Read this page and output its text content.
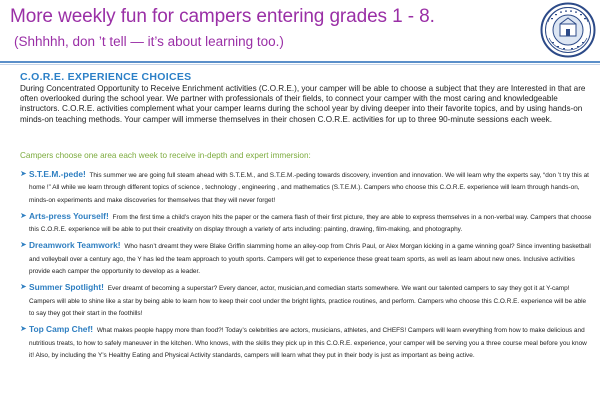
More weekly fun for campers entering grades 1 - 8.
(Shhhhh, don ’t tell — it’s about learning too.)
C.O.R.E. EXPERIENCE CHOICES
During Concentrated Opportunity to Receive Enrichment activities (C.O.R.E.), your camper will be able to choose a subject that they are Interested in that are often overlooked during the school year. We partner with professionals of their fields, to connect your camper with the most caring and knowledgeable instructors. C.O.R.E. activities complement what your camper learns during the school year by diving deeper into their favorite topics, and by using hands-on minds-on teaching methods. Your camper will immerse themselves in their chosen C.O.R.E. activities for up to three 90-minute sessions each week.
Campers choose one area each week to receive in-depth and expert immersion:
➤ S.T.E.M.-pede! This summer we are going full steam ahead with S.T.E.M., and S.T.E.M.-peding towards discovery, invention and innovation. We will learn why the experts say, “don ’t try this at home !” All while we learn through different topics of science , technology , engineering , and mathematics (S.T.E.M.). Campers who choose this C.O.R.E. experience will learn through hands-on, minds-on experiments and make discoveries for themselves that they will never forget!
➤ Arts-press Yourself! From the first time a child’s crayon hits the paper or the camera flash of their first picture, they are able to express themselves in a non-verbal way. Campers that choose this C.O.R.E. experience will be able to put their creativity on display through a variety of arts including: painting, drawing, film-making, and photography.
➤ Dreamwork Teamwork! Who hasn’t dreamt they were Blake Griffin slamming home an alley-oop from Chris Paul, or Alex Morgan kicking in a game winning goal? Since inventing basketball and volleyball over a century ago, the Y has led the team approach to youth sports. Campers will get to experience these great team sports, as well as learn about new ones. Inclusive activities provide each camper the opportunity to develop as a leader.
➤ Summer Spotlight! Ever dreamt of becoming a superstar? Every dancer, actor, musician,and comedian starts somewhere. We want our talented campers to say they got it at Y-camp! Campers will able to shine like a star by being able to learn how to keep their cool under the bright lights, practice routines, and perform. Campers who choose this C.O.R.E. experience will be able to say they got their start in the foothills!
➤ Top Camp Chef! What makes people happy more than food?! Today’s celebrities are actors, musicians, athletes, and CHEFS! Campers will learn everything from how to make delicious and nutritious treats, to how to safely maneuver in the kitchen. Who knows, with the skills they pick up in this C.O.R.E. experience, your camper will be serving you a three course meal before you know it! Also, by including the Y’s Healthy Eating and Physical Activity standards, campers will learn what they put in their body is just as important as being active.
